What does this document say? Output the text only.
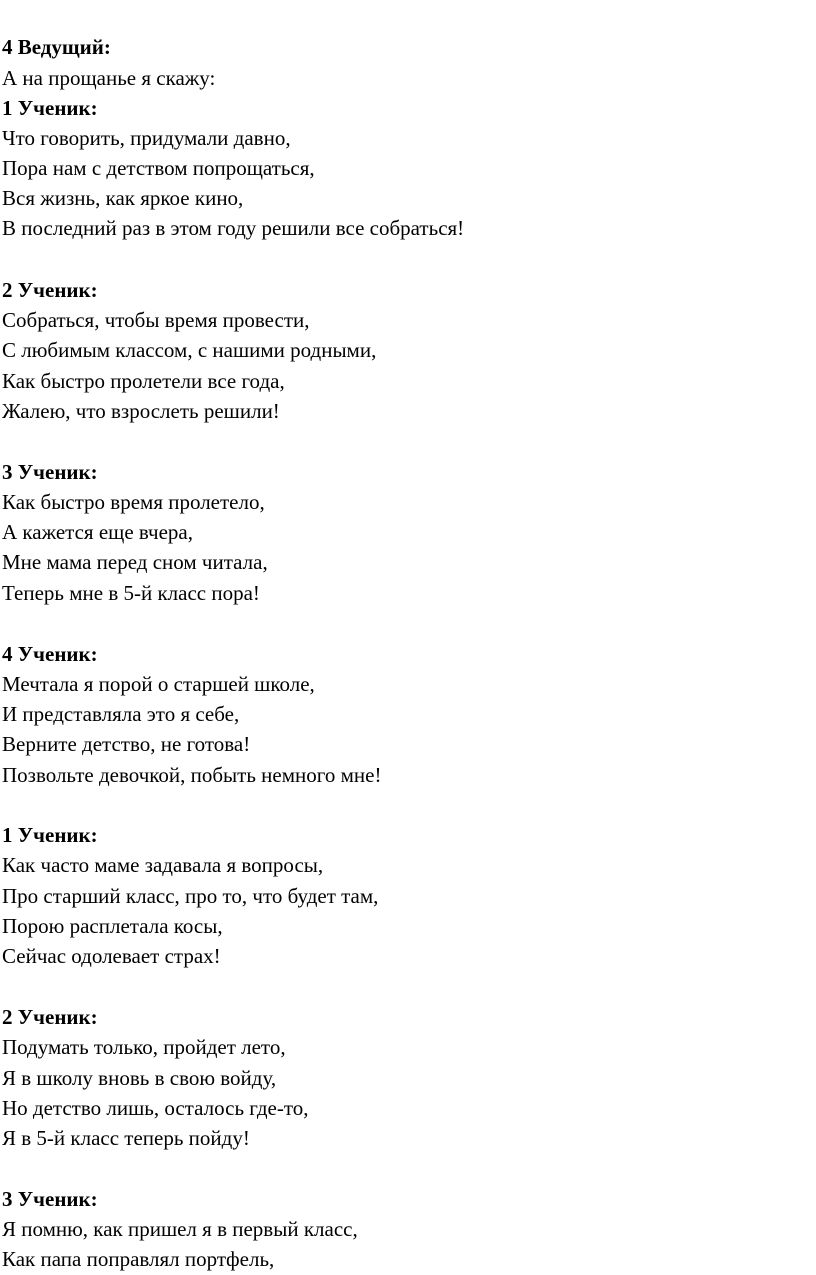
4 Ведущий:
А на прощанье я скажу:
1 Ученик:
Что говорить, придумали давно,
Пора нам с детством попрощаться,
Вся жизнь, как яркое кино,
В последний раз в этом году решили все собраться!
2 Ученик:
Собраться, чтобы время провести,
С любимым классом, с нашими родными,
Как быстро пролетели все года,
Жалею, что взрослеть решили!
3 Ученик:
Как быстро время пролетело,
А кажется еще вчера,
Мне мама перед сном читала,
Теперь мне в 5-й класс пора!
4 Ученик:
Мечтала я порой о старшей школе,
И представляла это я себе,
Верните детство, не готова!
Позвольте девочкой, побыть немного мне!
1 Ученик:
Как часто маме задавала я вопросы,
Про старший класс, про то, что будет там,
Порою расплетала косы,
Сейчас одолевает страх!
2 Ученик:
Подумать только, пройдет лето,
Я в школу вновь в свою войду,
Но детство лишь, осталось где-то,
Я в 5-й класс теперь пойду!
3 Ученик:
Я помню, как пришел я в первый класс,
Как папа поправлял портфель,
